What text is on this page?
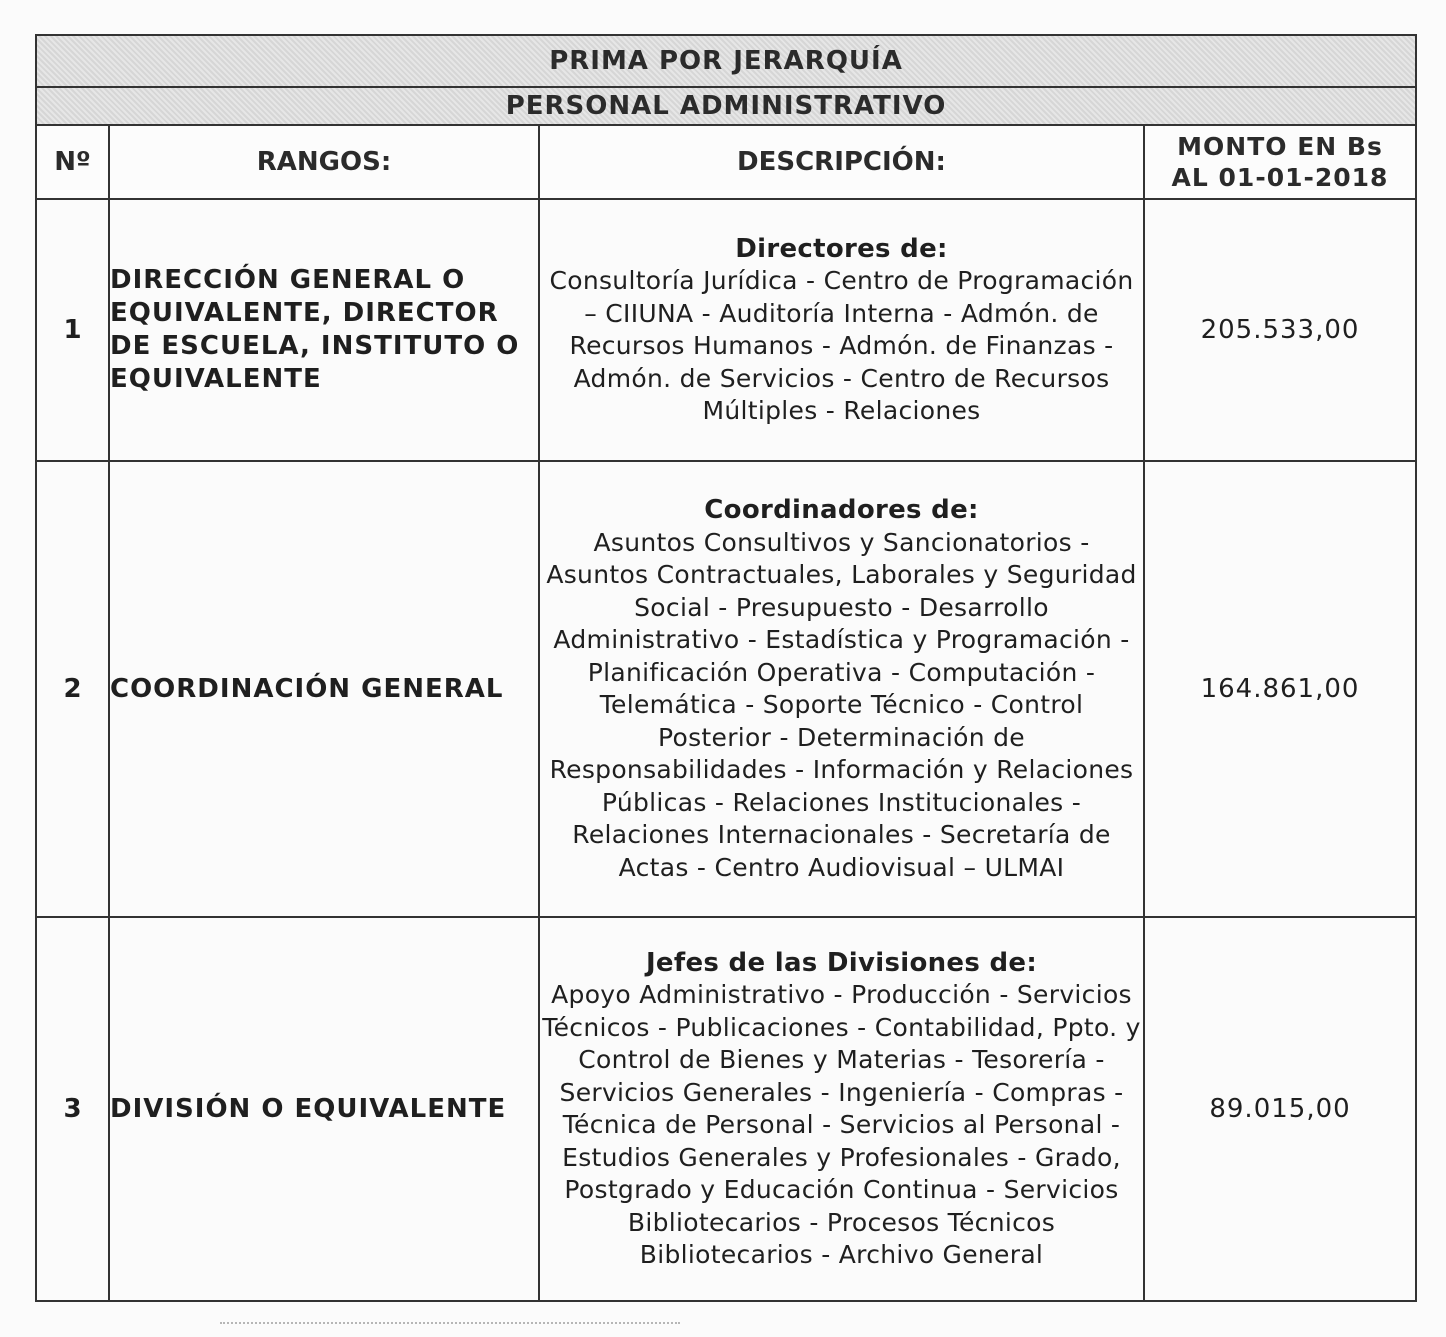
PRIMA POR JERARQUÍA			
PERSONAL ADMINISTRATIVO			
Nº	RANGOS:	DESCRIPCIÓN:	MONTO EN Bs
AL 01-01-2018
1	DIRECCIÓN GENERAL O EQUIVALENTE, DIRECTOR DE ESCUELA, INSTITUTO O EQUIVALENTE	Directores de:
Consultoría Jurídica - Centro de Programación – CIIUNA - Auditoría Interna - Admón. de Recursos Humanos - Admón. de Finanzas - Admón. de Servicios - Centro de Recursos Múltiples - Relaciones	205.533,00
2	COORDINACIÓN GENERAL	Coordinadores de:
Asuntos Consultivos y Sancionatorios - Asuntos Contractuales, Laborales y Seguridad Social - Presupuesto - Desarrollo Administrativo - Estadística y Programación - Planificación Operativa - Computación - Telemática - Soporte Técnico - Control Posterior - Determinación de Responsabilidades - Información y Relaciones Públicas - Relaciones Institucionales - Relaciones Internacionales - Secretaría de Actas - Centro Audiovisual – ULMAI	164.861,00
3	DIVISIÓN O EQUIVALENTE	Jefes de las Divisiones de:
Apoyo Administrativo - Producción - Servicios Técnicos - Publicaciones - Contabilidad, Ppto. y Control de Bienes y Materias - Tesorería - Servicios Generales - Ingeniería - Compras - Técnica de Personal - Servicios al Personal - Estudios Generales y Profesionales - Grado, Postgrado y Educación Continua - Servicios Bibliotecarios - Procesos Técnicos Bibliotecarios - Archivo General	89.015,00
